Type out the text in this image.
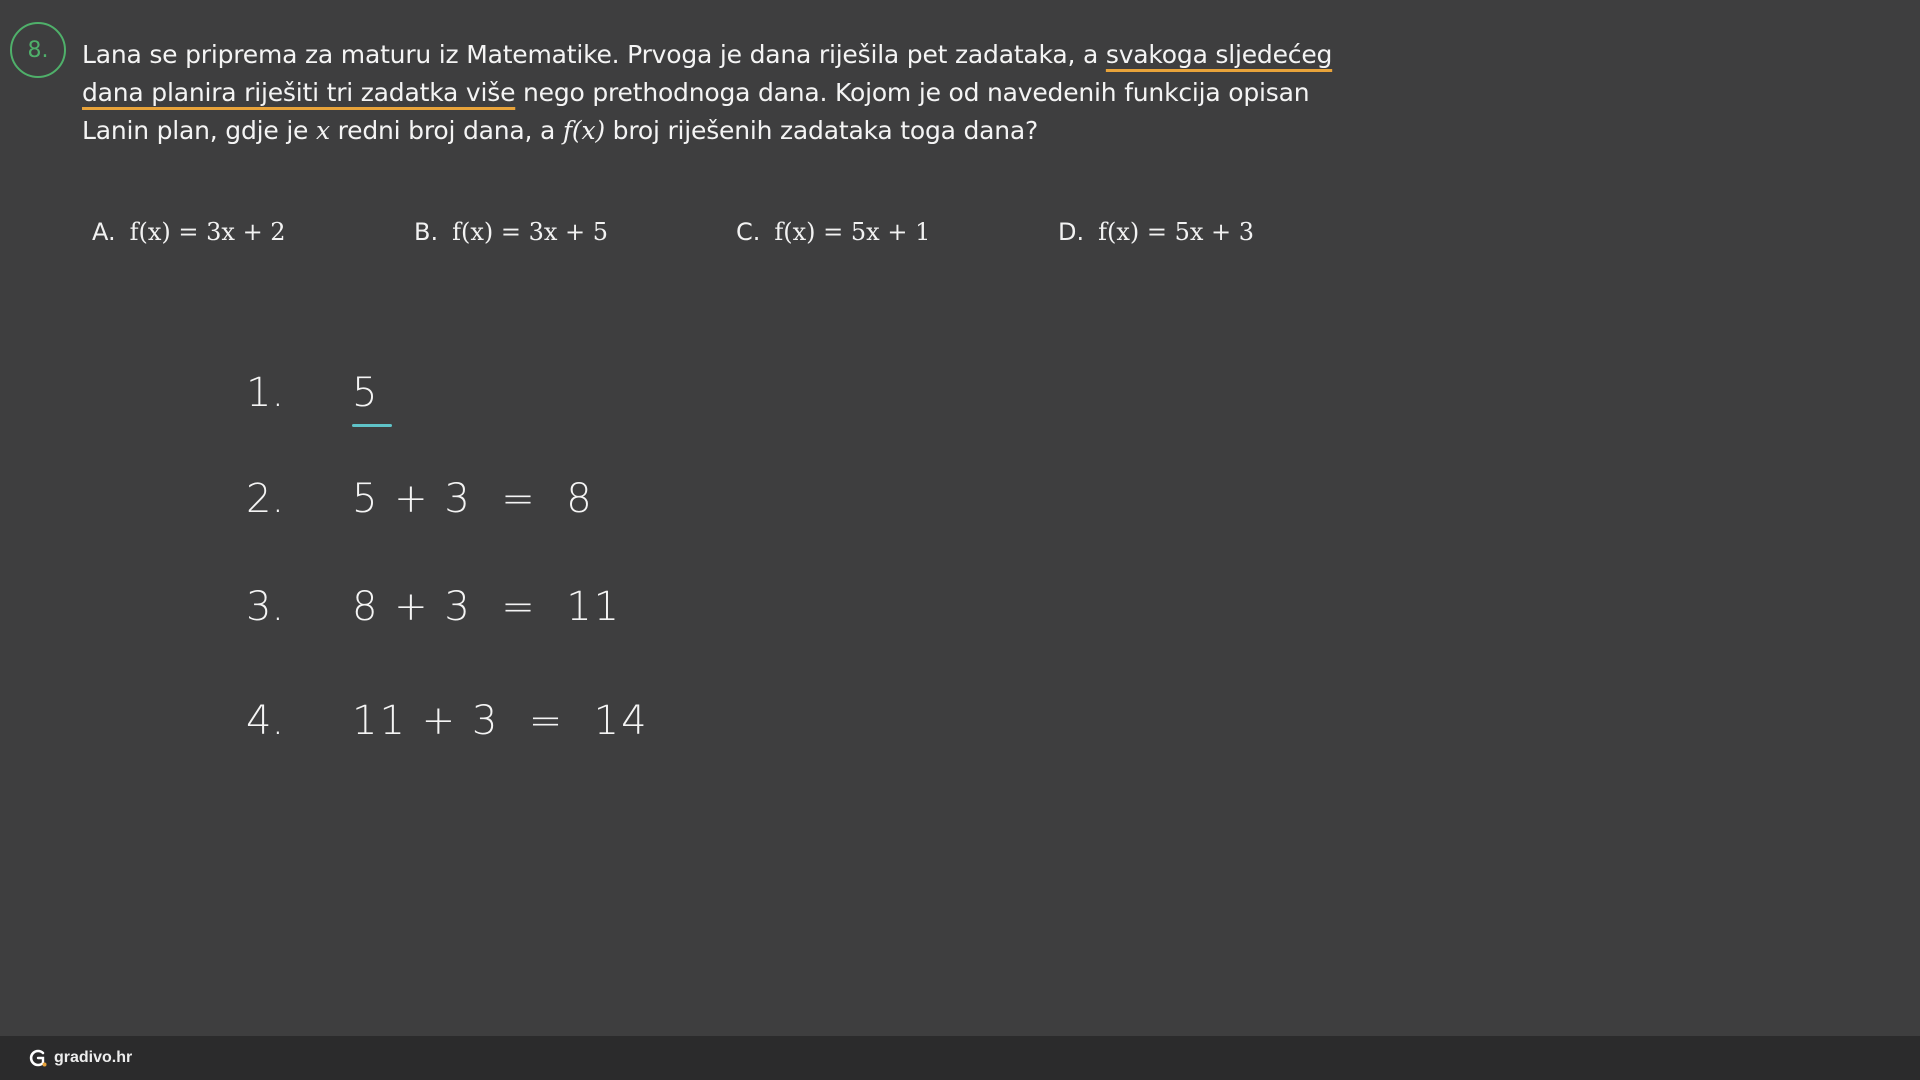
8. Lana se priprema za maturu iz Matematike. Prvoga je dana riješila pet zadataka, a svakoga sljedećeg
dana planira riješiti tri zadatka više nego prethodnoga dana. Kojom je od navedenih funkcija opisan Lanin plan, gdje je x redni broj dana, a f(x) broj riješenih zadataka toga dana?
A. f(x) = 3x + 2	B. f(x) = 3x + 5	C. f(x) = 5x + 1	D. f(x) = 5x + 3
1. 5
2. 5 + 3  =  8
3. 8 + 3  =  11
4. 11 + 3  =  14
gradivo.hr
